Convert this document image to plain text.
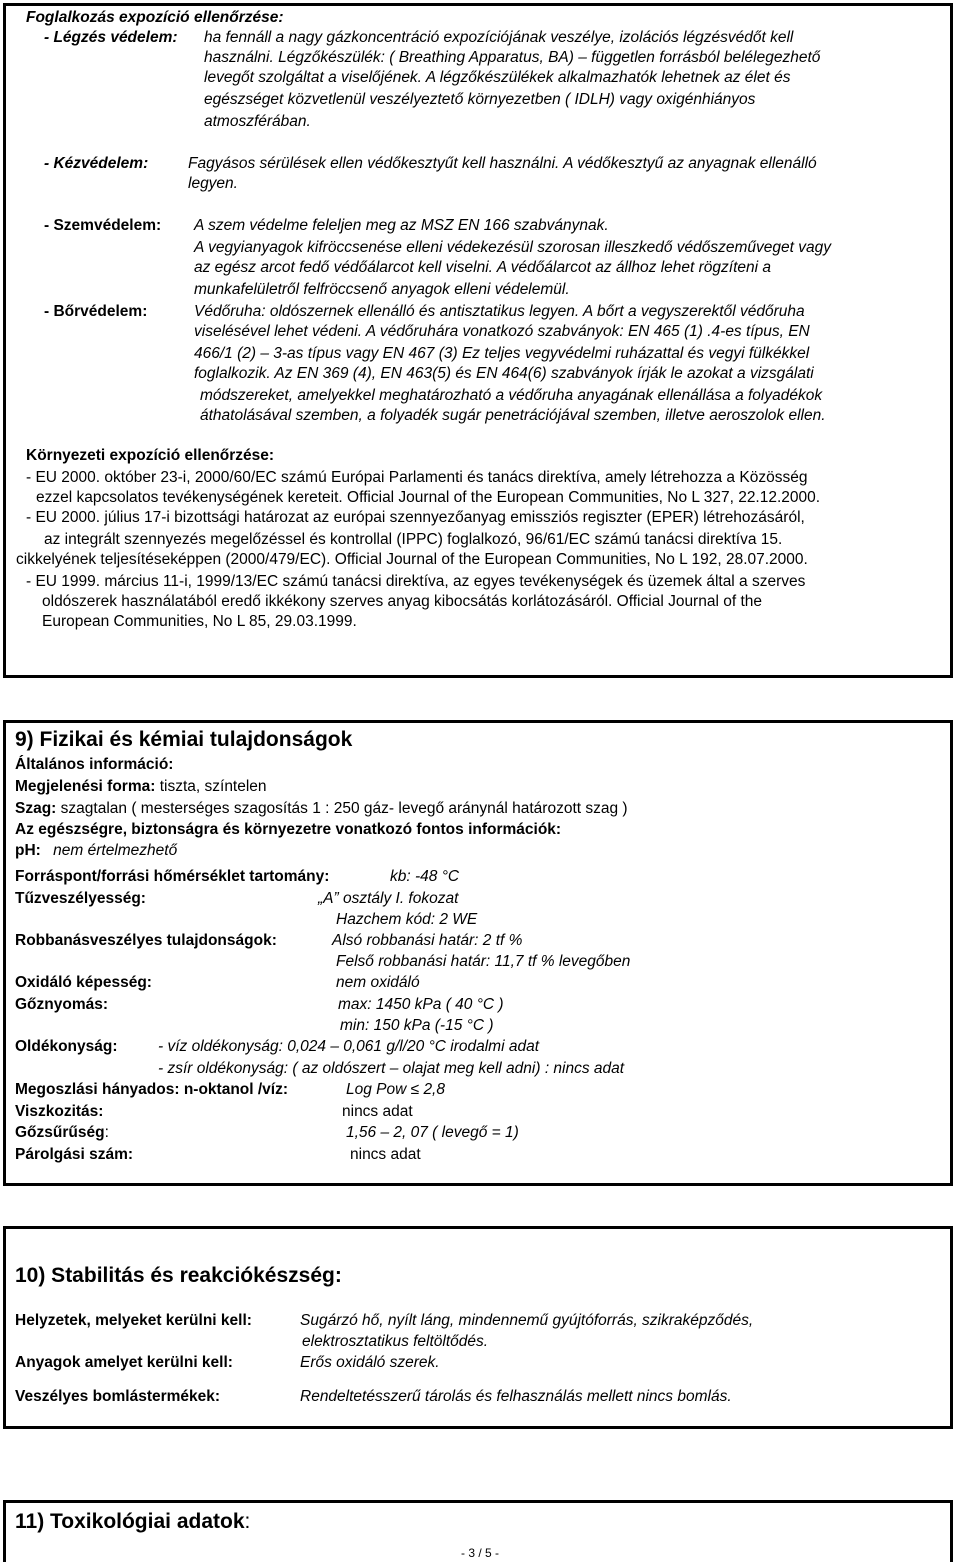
Foglalkozás expozíció ellenőrzése:
- Légzés védelem: ha fennáll a nagy gázkoncentráció expozíciójának veszélye, izolációs légzésvédőt kell
használni. Légzőkészülék: ( Breathing Apparatus, BA) – független forrásból belélegezhető
levegőt szolgáltat a viselőjének. A légzőkészülékek alkalmazhatók lehetnek az élet és
egészséget közvetlenül veszélyeztető környezetben ( IDLH) vagy oxigénhiányos
atmoszférában.
- Kézvédelem:	Fagyásos sérülések ellen védőkesztyűt kell használni. A védőkesztyű az anyagnak ellenálló
legyen.
- Szemvédelem: A szem védelme feleljen meg az MSZ EN 166 szabványnak.
A vegyianyagok kifröccsenése elleni védekezésül szorosan illeszkedő védőszeműveget vagy
az egész arcot fedő védőálarcot kell viselni. A védőálarcot az állhoz lehet rögzíteni a
munkafelületről felfröccsenő anyagok elleni védelemül.
- Bőrvédelem:	Védőruha: oldószernek ellenálló és antisztatikus legyen. A bőrt a vegyszerektől védőruha
viselésével lehet védeni. A védőruhára vonatkozó szabványok: EN 465 (1) .4-es típus, EN
466/1 (2) – 3-as típus vagy EN 467 (3) Ez teljes vegyvédelmi ruházattal és vegyi fülkékkel
foglalkozik. Az EN 369 (4), EN 463(5) és EN 464(6) szabványok írják le azokat a vizsgálati
módszereket, amelyekkel meghatározható a védőruha anyagának ellenállása a folyadékok
áthatolásával szemben, a folyadék sugár penetrációjával szemben, illetve aeroszolok ellen.
Környezeti expozíció ellenőrzése:
- EU 2000. október 23-i, 2000/60/EC számú Európai Parlamenti és tanács direktíva, amely létrehozza a Közösség
ezzel kapcsolatos tevékenységének kereteit. Official Journal of the European Communities, No L 327, 22.12.2000.
- EU 2000. július 17-i bizottsági határozat az európai szennyezőanyag emissziós regiszter (EPER) létrehozásáról,
az integrált szennyezés megelőzéssel és kontrollal (IPPC) foglalkozó, 96/61/EC számú tanácsi direktíva 15.
cikkelyének teljesítéseképpen (2000/479/EC). Official Journal of the European Communities, No L 192, 28.07.2000.
- EU 1999. március 11-i, 1999/13/EC számú tanácsi direktíva, az egyes tevékenységek és üzemek által a szerves
oldószerek használatából eredő ikkékony szerves anyag kibocsátás korlátozásáról. Official Journal of the
European Communities, No L 85, 29.03.1999.
9) Fizikai és kémiai tulajdonságok
Általános információ:
Megjelenési forma: tiszta, színtelen
Szag: szagtalan ( mesterséges szagosítás 1 : 250 gáz- levegő aránynál határozott szag )
Az egészségre, biztonságra és környezetre vonatkozó fontos információk:
pH: nem értelmezhető
Forráspont/forrási hőmérséklet tartomány:	kb: -48 °C
Tűzveszélyesség:	„A” osztály I. fokozat
Hazchem kód: 2 WE
Robbanásveszélyes tulajdonságok:	Alsó robbanási határ: 2 tf %
Felső robbanási határ: 11,7 tf % levegőben
Oxidáló képesség:	nem oxidáló
Gőznyomás:	max: 1450 kPa ( 40 °C )
min: 150 kPa (-15 °C )
Oldékonyság:	- víz oldékonyság: 0,024 – 0,061 g/l/20 °C irodalmi adat
- zsír oldékonyság: ( az oldószert – olajat meg kell adni) : nincs adat
Megoszlási hányados: n-oktanol /víz:	Log Pow ≤ 2,8
Viszkozitás:	nincs adat
Gőzsűrűség:	1,56 – 2, 07 ( levegő = 1)
Párolgási szám:	nincs adat
10) Stabilitás és reakciókészség:
Helyzetek, melyeket kerülni kell:	Sugárzó hő, nyílt láng, mindennemű gyújtóforrás, szikraképződés,
elektrosztatikus feltöltődés.
Anyagok amelyet kerülni kell:	Erős oxidáló szerek.
Veszélyes bomlástermékek:	Rendeltetésszerű tárolás és felhasználás mellett nincs bomlás.
11) Toxikológiai adatok:
- 3 / 5 -
